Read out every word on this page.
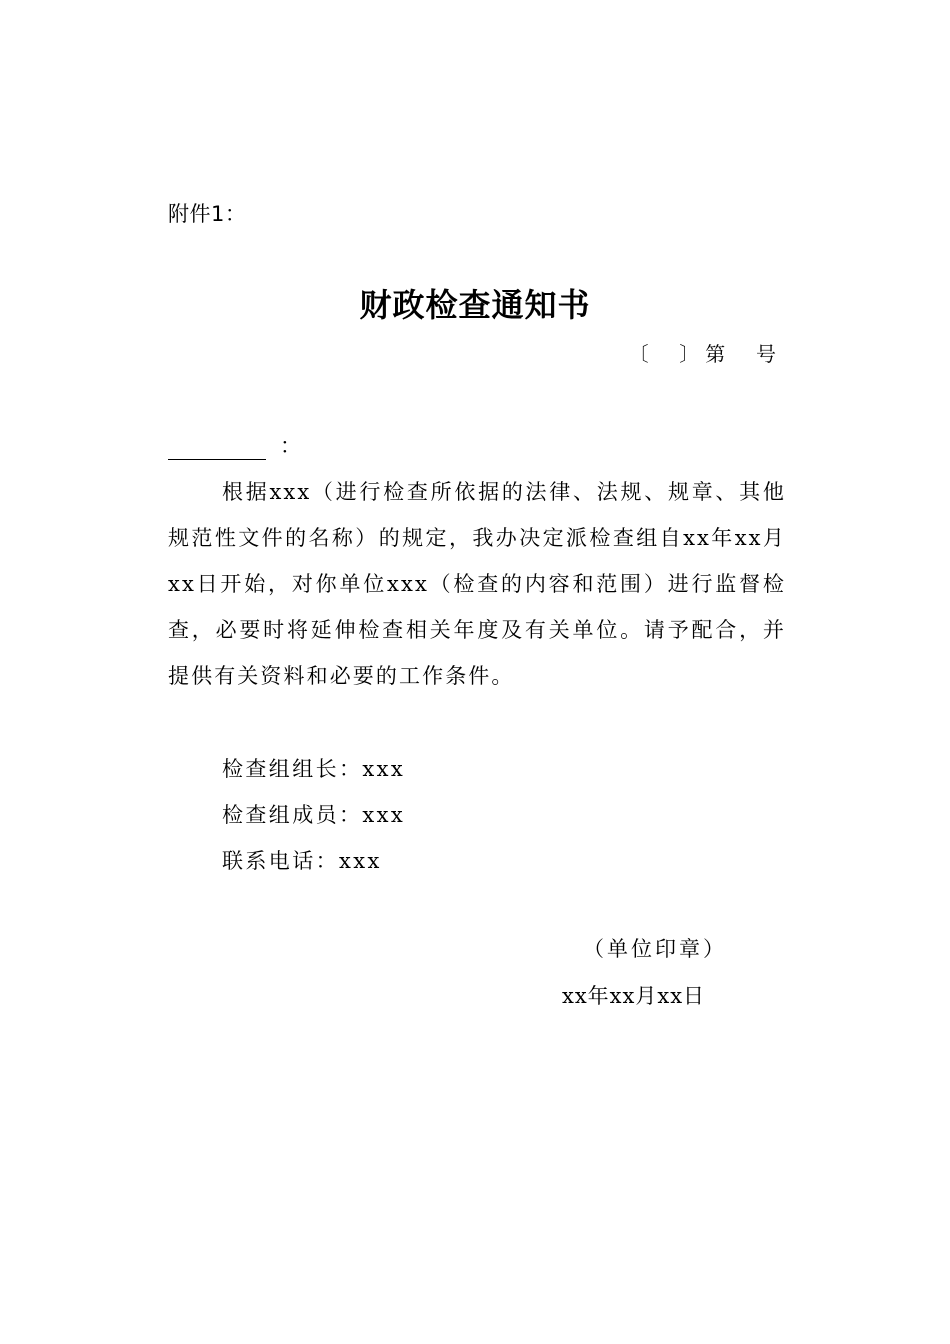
附件1：
财政检查通知书
〔  〕第  号
：
根据xxx（进行检查所依据的法律、法规、规章、其他规范性文件的名称）的规定，我办决定派检查组自xx年xx月xx日开始，对你单位xxx（检查的内容和范围）进行监督检查，必要时将延伸检查相关年度及有关单位。请予配合，并提供有关资料和必要的工作条件。
检查组组长：xxx
检查组成员：xxx
联系电话：xxx
（单位印章）
xx年xx月xx日
